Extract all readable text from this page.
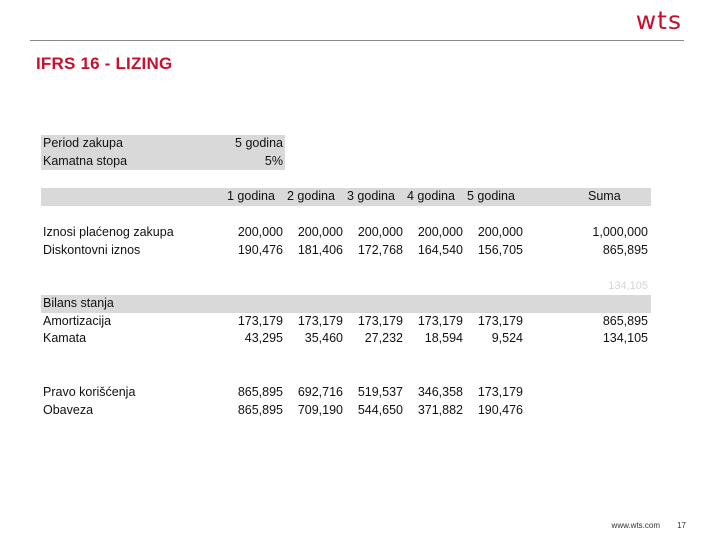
wts
IFRS 16 - LIZING
Period zakupa	5 godina
Kamatna stopa	5%
1 godina 2 godina 3 godina 4 godina 5 godina	Suma
Iznosi plaćenog zakupa	200,000	200,000	200,000	200,000	200,000	1,000,000
Diskontovni iznos	190,476	181,406	172,768	164,540	156,705	865,895
134,105
Bilans stanja
Amortizacija	173,179	173,179	173,179	173,179	173,179	865,895
Kamata	43,295	35,460	27,232	18,594	9,524	134,105
Pravo korišćenja	865,895	692,716	519,537	346,358	173,179
Obaveza	865,895	709,190	544,650	371,882	190,476
www.wts.com 17
